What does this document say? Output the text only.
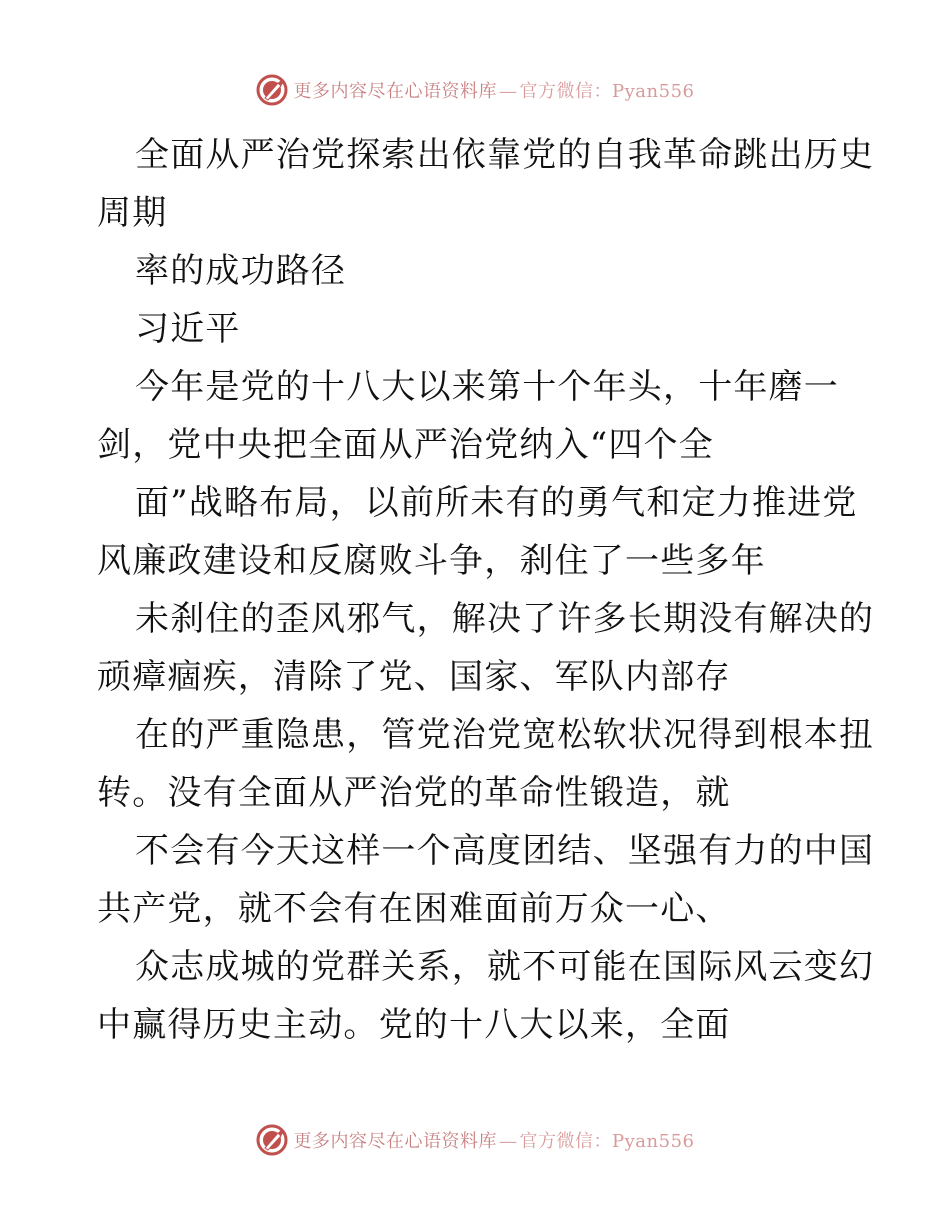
更多内容尽在心语资料库 — 官方微信：Pyan556
全面从严治党探索出依靠党的自我革命跳出历史
周期
率的成功路径
习近平
今年是党的十八大以来第十个年头，十年磨一
剑，党中央把全面从严治党纳入“四个全
面”战略布局，以前所未有的勇气和定力推进党
风廉政建设和反腐败斗争，刹住了一些多年
未刹住的歪风邪气，解决了许多长期没有解决的
顽瘴痼疾，清除了党、国家、军队内部存
在的严重隐患，管党治党宽松软状况得到根本扭
转。没有全面从严治党的革命性锻造，就
不会有今天这样一个高度团结、坚强有力的中国
共产党，就不会有在困难面前万众一心、
众志成城的党群关系，就不可能在国际风云变幻
中赢得历史主动。党的十八大以来，全面
更多内容尽在心语资料库 — 官方微信：Pyan556
